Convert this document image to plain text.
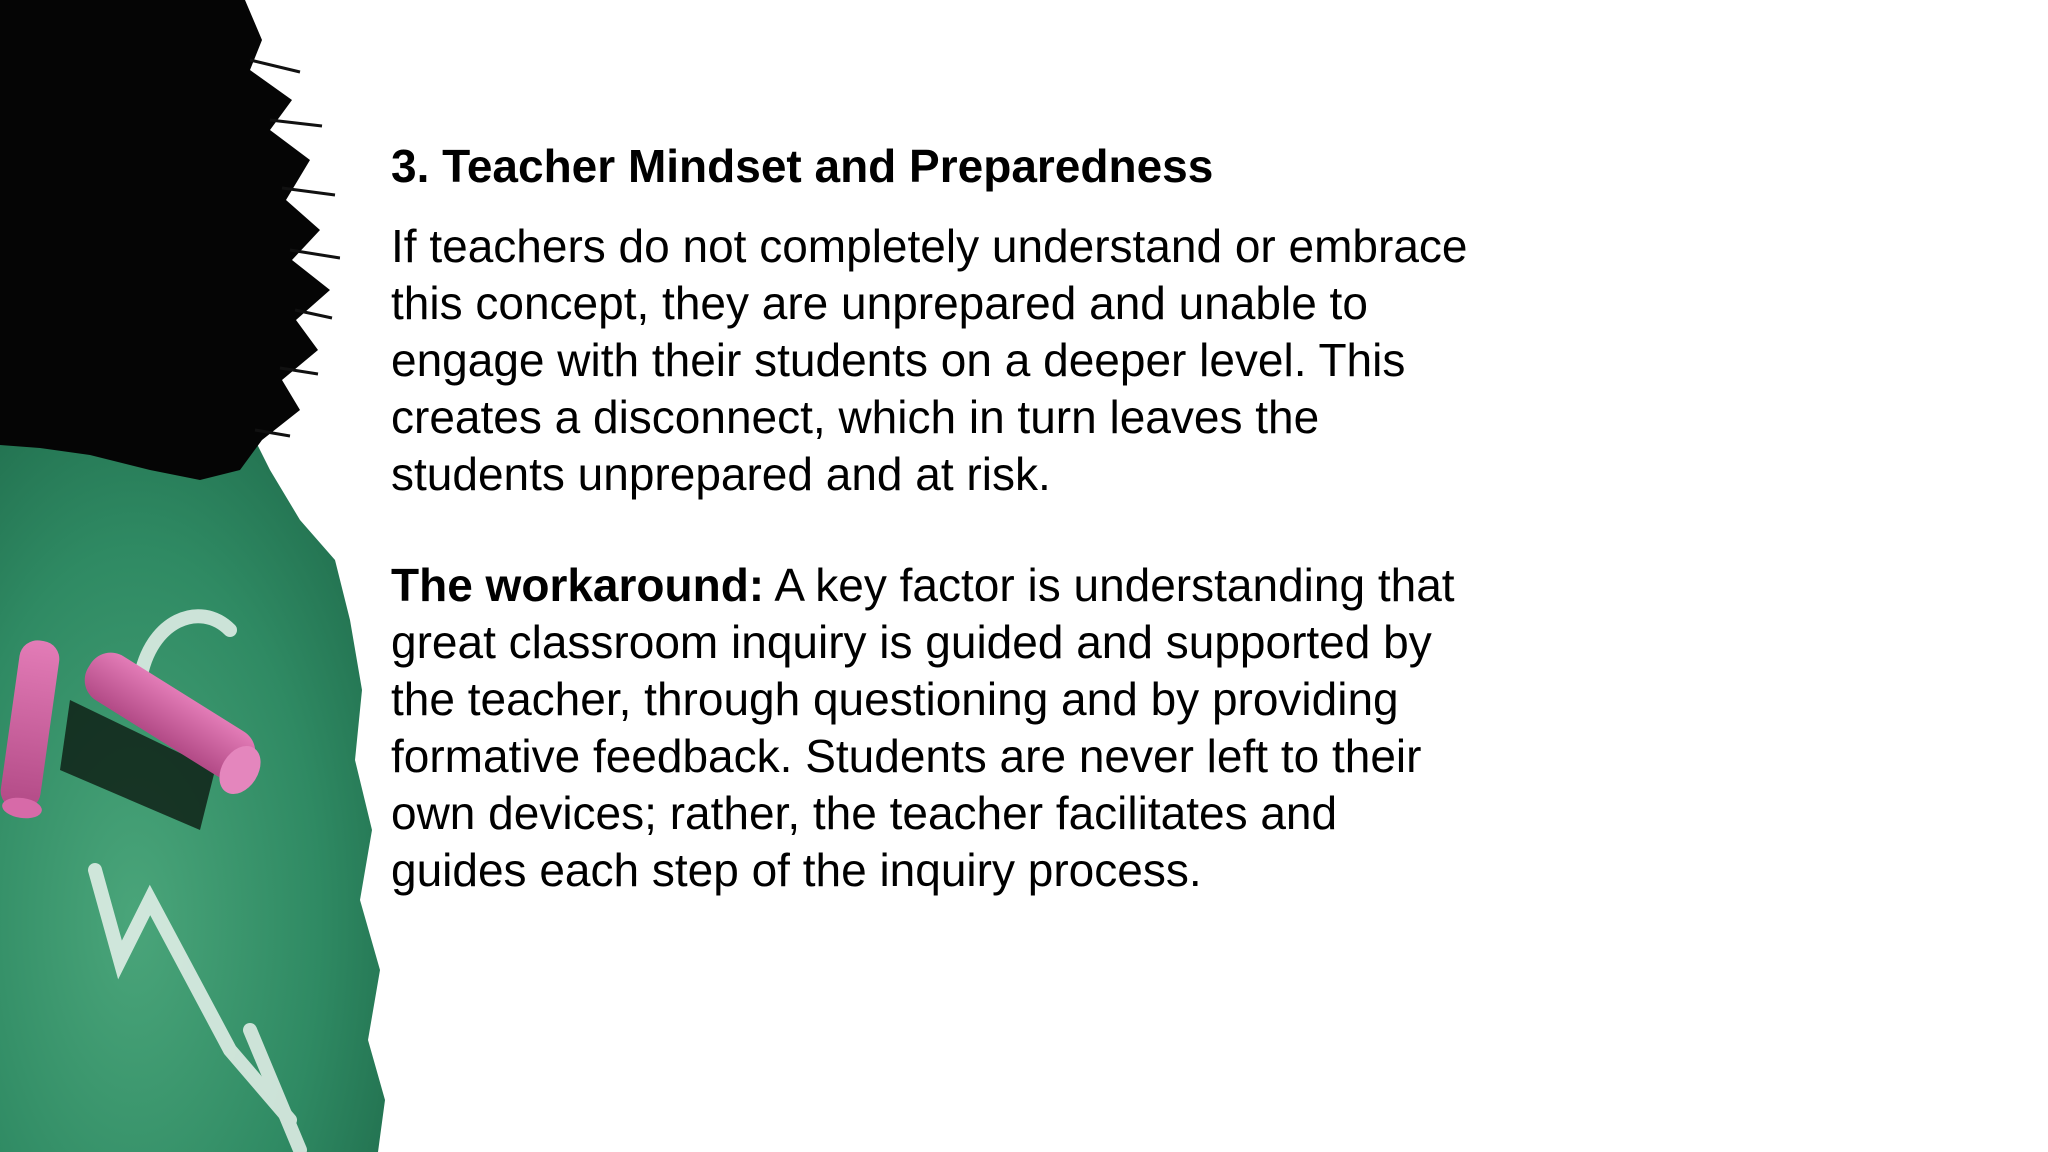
3. Teacher Mindset and Preparedness

If teachers do not completely understand or embrace
this concept, they are unprepared and unable to
engage with their students on a deeper level. This
creates a disconnect, which in turn leaves the
students unprepared and at risk.

The workaround: A key factor is understanding that
great classroom inquiry is guided and supported by
the teacher, through questioning and by providing
formative feedback. Students are never left to their
own devices; rather, the teacher facilitates and
guides each step of the inquiry process.
